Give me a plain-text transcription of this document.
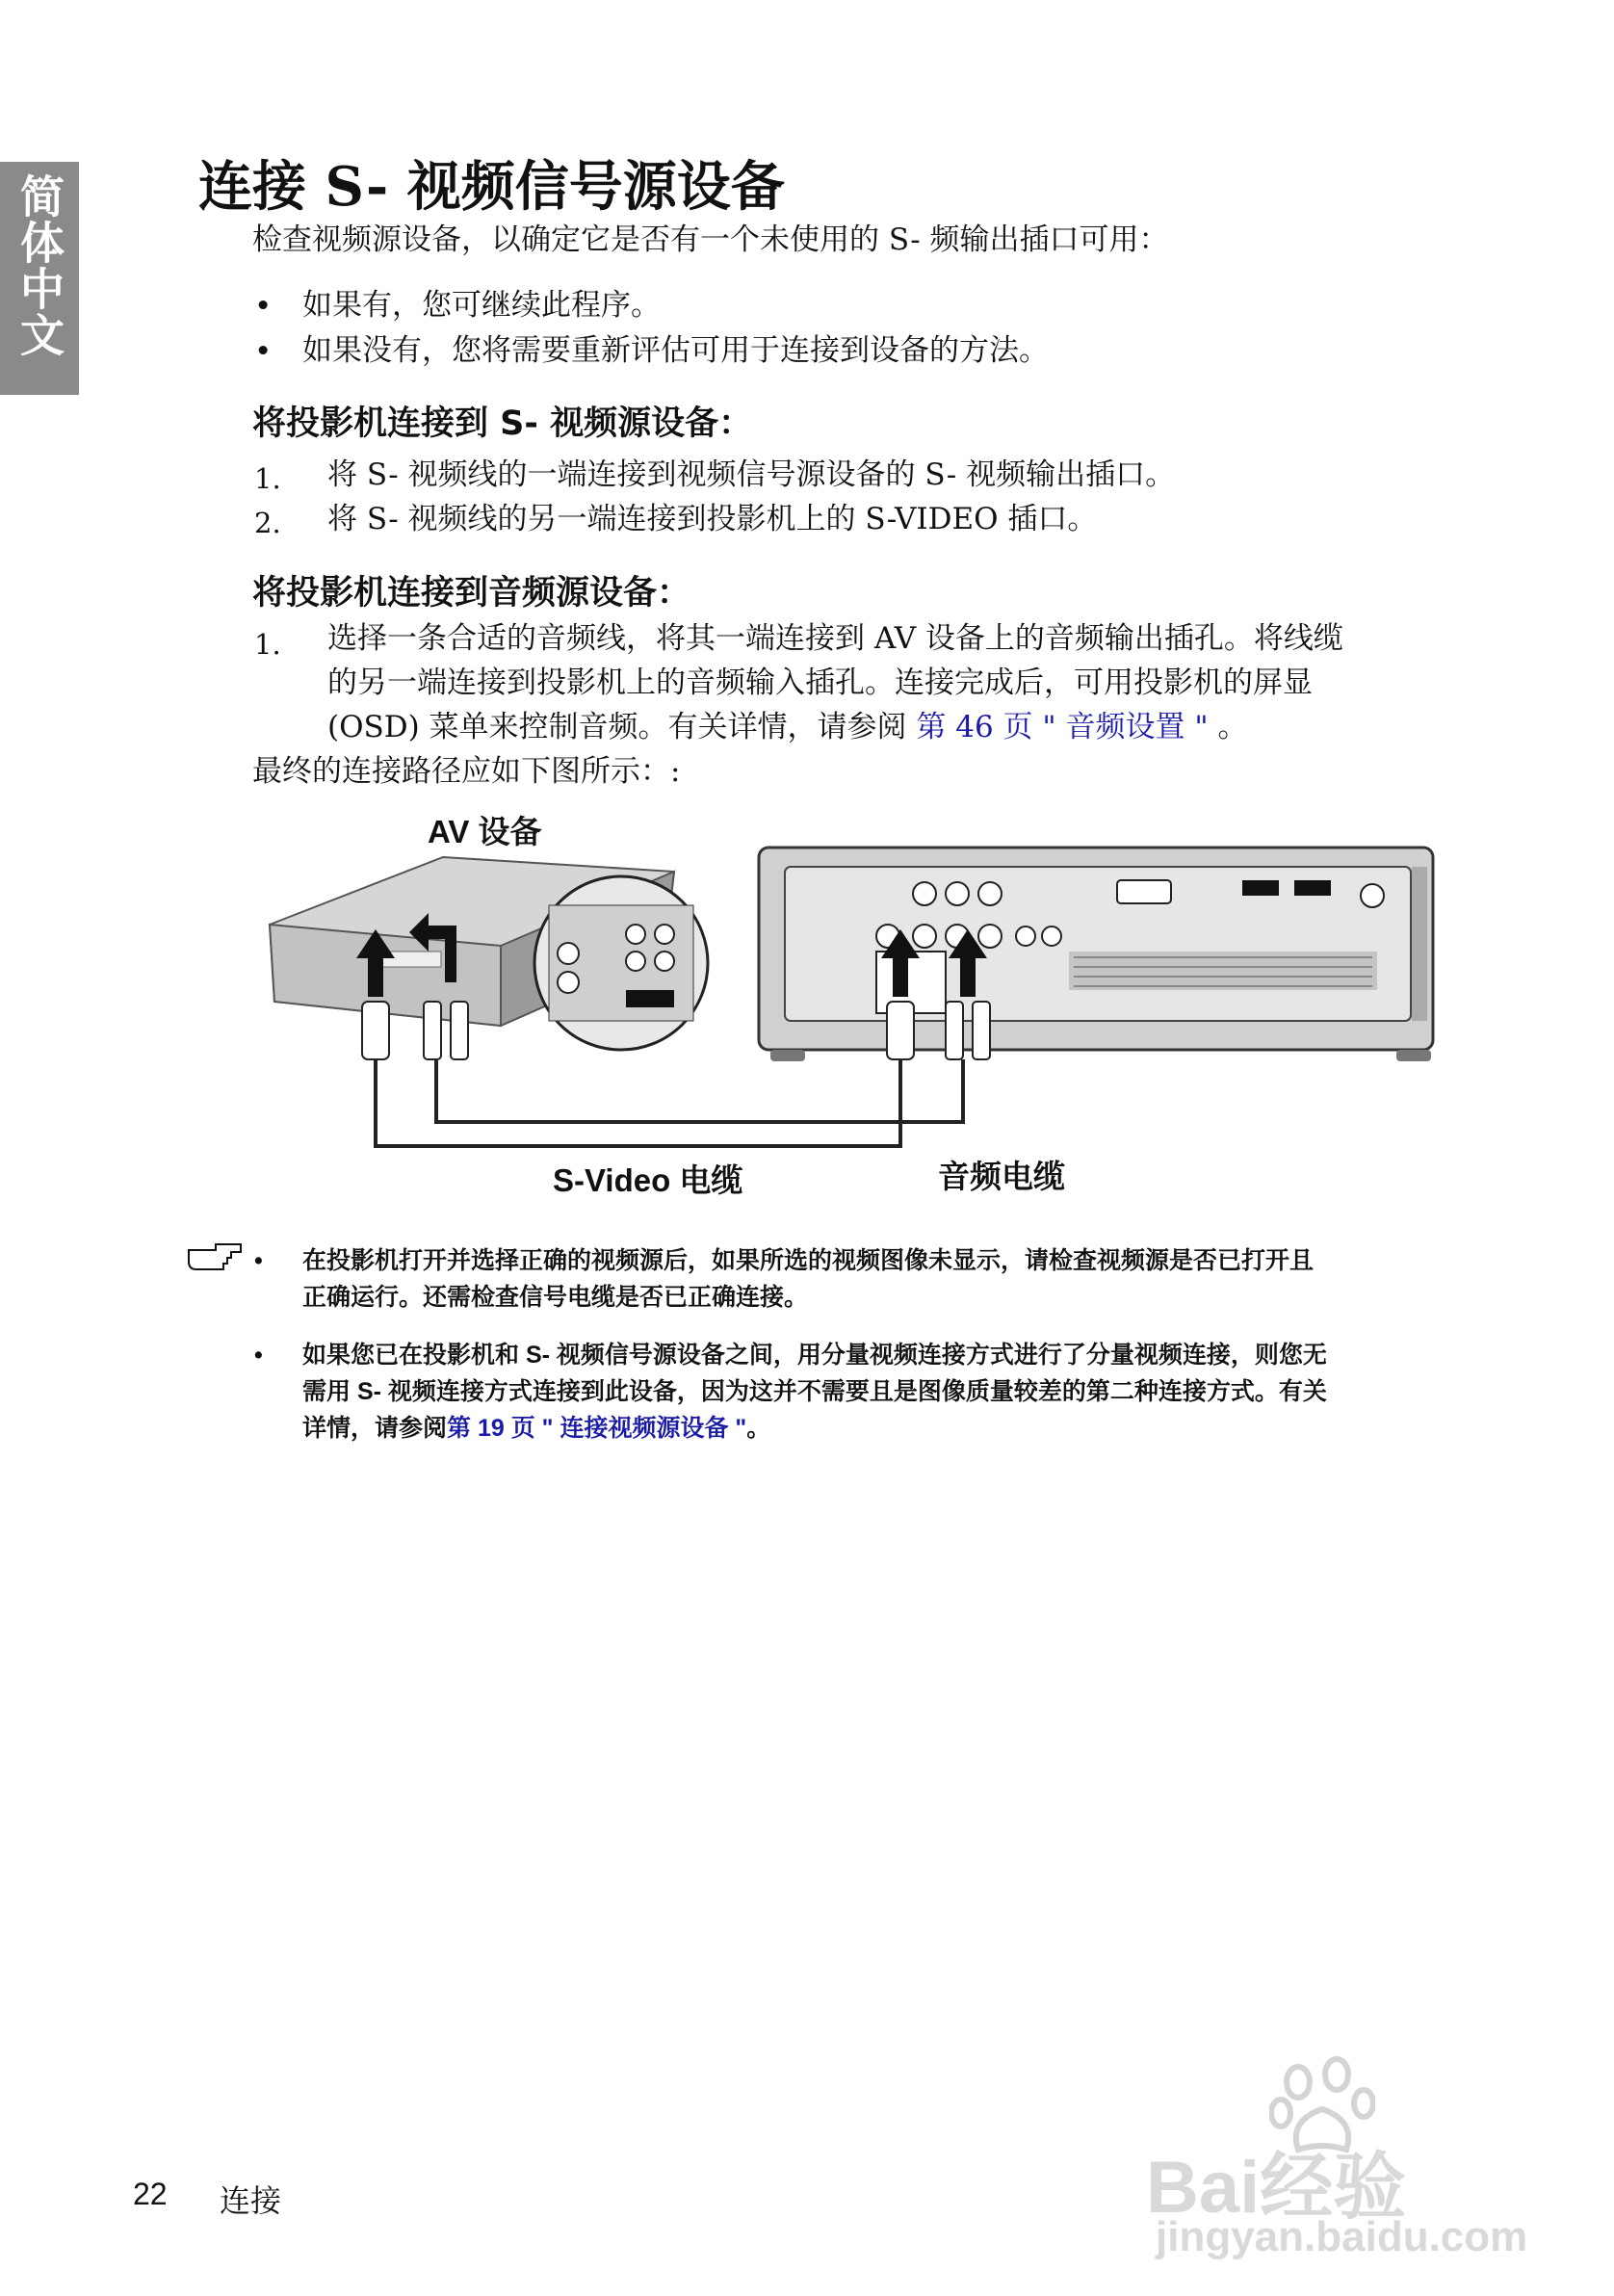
简体中文 连接 S- 视频信号源设备

检查视频源设备，以确定它是否有一个未使用的 S- 频输出插口可用：

• 如果有，您可继续此程序。

• 如果没有，您将需要重新评估可用于连接到设备的方法。

将投影机连接到 S- 视频源设备：
1. 将 S- 视频线的一端连接到视频信号源设备的 S- 视频输出插口。

2. 将 S- 视频线的另一端连接到投影机上的 S-VIDEO 插口。

将投影机连接到音频源设备：
1. 选择一条合适的音频线，将其一端连接到 AV 设备上的音频输出插孔。将线缆

的另一端连接到投影机上的音频输入插孔。连接完成后，可用投影机的屏显

(OSD) 菜单来控制音频。有关详情，请参阅 第 46 页 " 音频设置 " 。

最终的连接路径应如下图所示：:

AV 设备
S-Video 电缆	音频电缆
• 在投影机打开并选择正确的视频源后，如果所选的视频图像未显示，请检查视频源是否已打开且

正确运行。还需检查信号电缆是否已正确连接。

• 如果您已在投影机和 S- 视频信号源设备之间，用分量视频连接方式进行了分量视频连接，则您无

需用 S- 视频连接方式连接到此设备，因为这并不需要且是图像质量较差的第二种连接方式。有关

详情，请参阅第 19 页 " 连接视频源设备 "。

Bai经验
jingyan.baidu.com
22 连接
